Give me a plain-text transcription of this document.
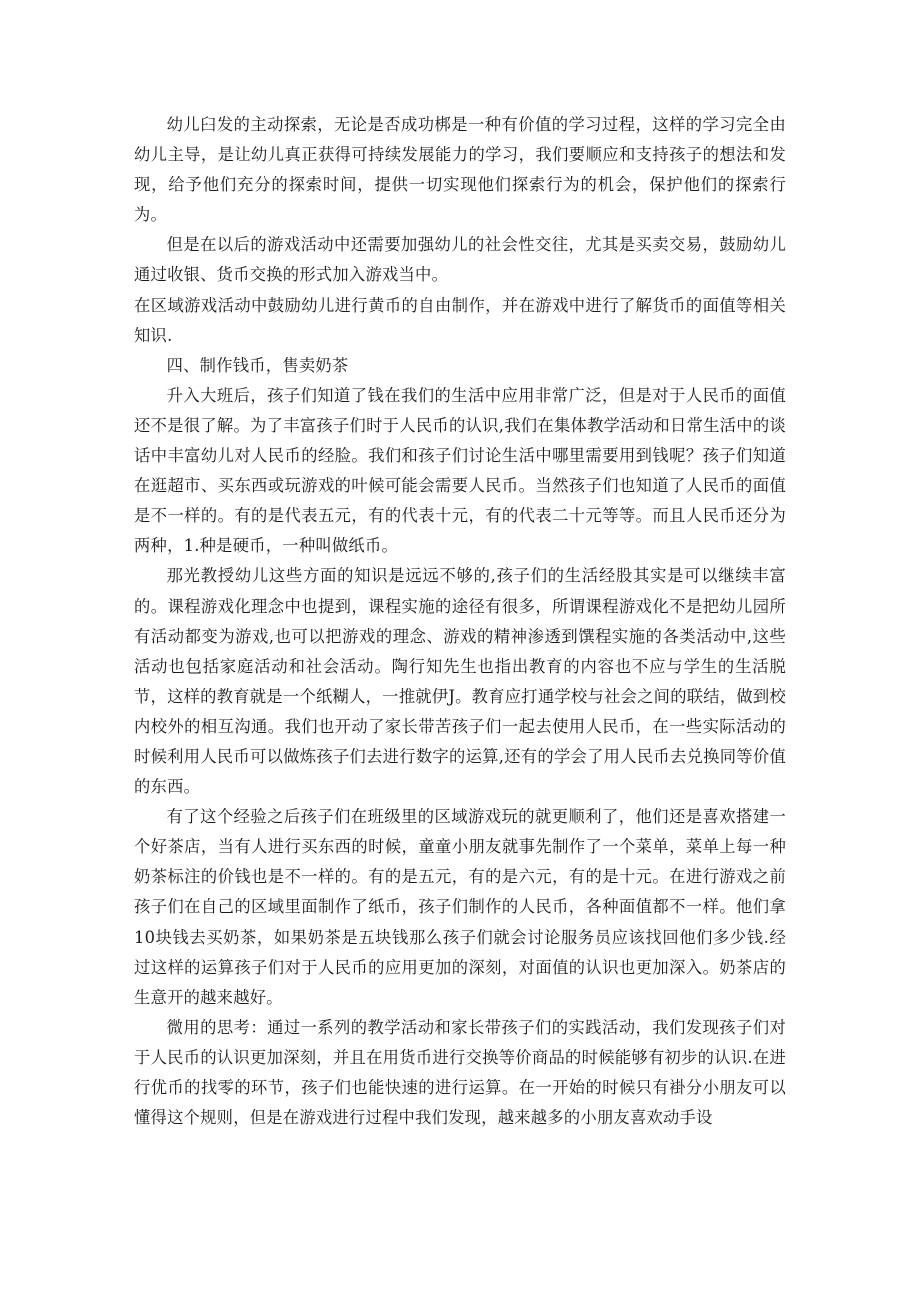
幼儿臼发的主动探索，无论是否成功梆是一种有价值的学习过程，这样的学习完全由幼儿主导，是让幼儿真正获得可持续发展能力的学习，我们要顺应和支持孩子的想法和发现，给予他们充分的探索时间，提供一切实现他们探索行为的机会，保护他们的探索行为。

但是在以后的游戏活动中还需要加强幼儿的社会性交往，尤其是买卖交易，鼓励幼儿通过收银、货币交换的形式加入游戏当中。

在区域游戏活动中鼓励幼儿进行黄币的自由制作，并在游戏中进行了解货币的面值等相关知识.

四、制作钱币，售卖奶茶

升入大班后，孩子们知道了钱在我们的生活中应用非常广泛，但是对于人民币的面值还不是很了解。为了丰富孩子们时于人民币的认识,我们在集体教学活动和日常生活中的谈话中丰富幼儿对人民币的经脸。我们和孩子们讨论生活中哪里需要用到钱呢？孩子们知道在逛超市、买东西或玩游戏的叶候可能会需要人民币。当然孩子们也知道了人民币的面值是不一样的。有的是代表五元，有的代表十元，有的代表二十元等等。而且人民币还分为两种，1.种是硬币，一种叫做纸币。

那光教授幼儿这些方面的知识是远远不够的,孩子们的生活经股其实是可以继续丰富的。课程游戏化理念中也提到，课程实施的途径有很多，所谓课程游戏化不是把幼儿园所有活动都变为游戏,也可以把游戏的理念、游戏的精神渗透到馔程实施的各类活动中,这些活动也包括家庭活动和社会活动。陶行知先生也指出教育的内容也不应与学生的生活脱节，这样的教育就是一个纸糊人，一推就伊J。教育应打通学校与社会之间的联结，做到校内校外的相互沟通。我们也开动了家长带苦孩子们一起去使用人民币，在一些实际活动的时候利用人民币可以做炼孩子们去进行数字的运算,还有的学会了用人民币去兑换同等价值的东西。

有了这个经验之后孩子们在班级里的区域游戏玩的就更顺利了，他们还是喜欢搭建一个好茶店，当有人进行买东西的时候，童童小朋友就事先制作了一个菜单，菜单上每一种奶茶标注的价钱也是不一样的。有的是五元，有的是六元，有的是十元。在进行游戏之前孩子们在自己的区域里面制作了纸币，孩子们制作的人民币，各种面值都不一样。他们拿10块钱去买奶茶，如果奶茶是五块钱那么孩子们就会讨论服务员应该找回他们多少钱.经过这样的运算孩子们对于人民币的应用更加的深刻，对面值的认识也更加深入。奶茶店的生意开的越来越好。

微用的思考：通过一系列的教学活动和家长带孩子们的实践活动，我们发现孩子们对于人民币的认识更加深刻，并且在用货币进行交换等价商品的时候能够有初步的认识.在进行优币的找零的环节，孩子们也能快速的进行运算。在一开始的时候只有褂分小朋友可以懂得这个规则，但是在游戏进行过程中我们发现，越来越多的小朋友喜欢动手设
